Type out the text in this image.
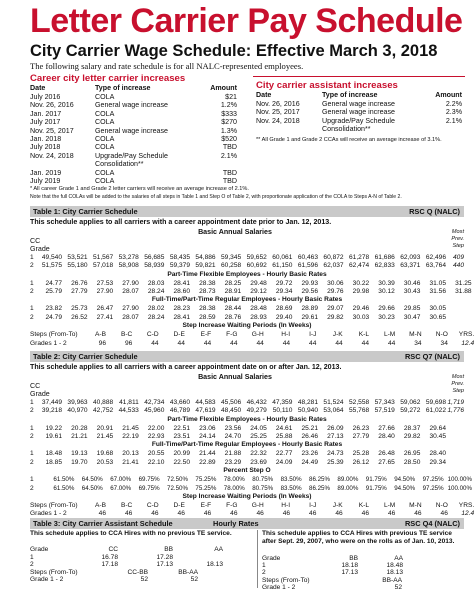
Letter Carrier Pay Schedule
City Carrier Wage Schedule: Effective March 3, 2018
The following salary and rate schedule is for all NALC-represented employees.
Career city letter carrier increases
Date	Type of increase	Amount
July 2016	COLA	$21
Nov. 26, 2016	General wage increase	1.2%
Jan. 2017	COLA	$333
July 2017	COLA	$270
Nov. 25, 2017	General wage increase	1.3%
Jan. 2018	COLA	$520
July 2018	COLA	TBD
Nov. 24, 2018	Upgrade/Pay Schedule	2.1%
Consolidation**
Jan. 2019	COLA	TBD
July 2019	COLA	TBD
City carrier assistant increases
Date	Type of increase	Amount
Nov. 26, 2016	General wage increase	2.2%
Nov. 25, 2017	General wage increase	2.3%
Nov. 24, 2018	Upgrade/Pay Schedule	2.1%
Consolidation**
** All Grade 1 and Grade 2 CCAs will receive an average increase of 3.1%.
* All career Grade 1 and Grade 2 letter carriers will receive an average increase of 2.1%.
Note that the full COLAs will be added to the salaries of all steps in Table 1 and Step O of Table 2, with proportionate application of the COLA to Steps A-N of Table 2.
Table 1: City Carrier Schedule	RSC Q (NALC)
This schedule applies to all carriers with a career appointment date prior to Jan. 12, 2013.
Basic Annual Salaries	Most
Prev.
Step
CC
Grade
1	49,540 53,521 51,567 53,278 56,685 58,435 54,886 59,345 59,652 60,061 60,463 60,872 61,278 61,686 62,093 62,496	409
2	51,575 55,180 57,018 58,908 58,939 59,379 59,821 60,258 60,692 61,150 61,596 62,037 62,474 62,833 63,371 63,764	440
Part-Time Flexible Employees - Hourly Basic Rates
1	24.77	26.76	27.53	27.90	28.03	28.41	28.38	28.25	29.48	29.72	29.93	30.06	30.22	30.39	30.46	31.05	31.25
2	25.79	27.79	27.90	28.07	28.24	28.60	28.73	28.91	29.12	29.34	29.56	29.76	29.98	30.12	30.43	31.56	31.88
Full-Time/Part-Time Regular Employees - Hourly Basic Rates
1	23.82	25.73	26.47	27.90	28.02	28.23	28.38	28.44	28.48	28.69	28.89	29.07	29.46	29.66	29.85	30.05
2	24.79	26.52	27.41	28.07	28.24	28.41	28.59	28.76	28.93	29.40	29.61	29.82	30.03	30.23	30.47	30.65
Step Increase Waiting Periods (In Weeks)
Steps (From-To)	A-B	B-C	C-D	D-E	E-F	F-G	G-H	H-I	I-J	J-K	K-L	L-M	M-N	N-O	YRS.
Grades 1 - 2	96	96	44	44	44	44	44	44	44	44	44	44	34	34	12.4
Table 2: City Carrier Schedule	RSC Q7 (NALC)
This schedule applies to all carriers with a career appointment date on or after Jan. 12, 2013.
Basic Annual Salaries	Most
Prev.
Step
CC
Grade
1	37,449 39,963 40,888 41,811 42,734 43,660 44,583 45,506 46,432 47,359 48,281 51,524 52,558 57,343 59,062 59,698 1,719
2	39,218 40,970 42,752 44,533 45,960 46,789 47,619 48,450 49,279 50,110 50,940 53,064 55,768 57,519 59,272 61,022 1,776
Part-Time Flexible Employees - Hourly Basic Rates
1	19.22	20.28	20.91	21.45	22.00	22.51	23.06	23.56	24.05	24.61	25.21	26.09	26.23	27.66	28.37	29.64
2	19.61	21.21	21.45	22.19	22.93	23.51	24.14	24.70	25.25	25.88	26.46	27.13	27.79	28.40	29.82	30.45
Full-Time/Part-Time Regular Employees - Hourly Basic Rates
1	18.48	19.13	19.68	20.13	20.55	20.99	21.44	21.88	22.32	22.77	23.26	24.73	25.28	26.48	26.95	28.40
2	18.85	19.70	20.53	21.41	22.10	22.50	22.89	23.29	23.69	24.09	24.49	25.39	26.12	27.65	28.50	29.34
Percent Step O
1	61.50%	64.50%	67.00%	69.75%	72.50%	75.25%	78.00%	80.75%	83.50%	86.25%	89.00%	91.75%	94.50%	97.25% 100.00%
2	61.50%	64.50%	67.00%	69.75%	72.50%	75.25%	78.00%	80.75%	83.50%	86.25%	89.00%	91.75%	94.50%	97.25% 100.00%
Step Increase Waiting Periods (In Weeks)
Steps (From-To)	A-B	B-C	C-D	D-E	E-F	F-G	G-H	H-I	I-J	J-K	K-L	L-M	M-N	N-O	YRS.
Grades 1 - 2	46	46	46	46	46	46	46	46	46	46	46	46	46	46	12.4
Table 3: City Carrier Assistant Schedule	Hourly Rates	RSC Q4 (NALC)
This schedule applies to CCA Hires with no previous TE service.	This schedule applies to CCA Hires with previous TE service after Sept. 29, 2007, who were on the rolls as of Jan. 10, 2013.
Grade	CC	BB	AA
1	16.78	17.28
2	17.18	17.13	18.13
Steps (From-To)	CC-BB	BB-AA
Grade 1 - 2	52	52
Grade	BB	AA
1	18.18	18.48
2	17.13	18.13
Steps (From-To)	BB-AA
Grade 1 - 2	52
